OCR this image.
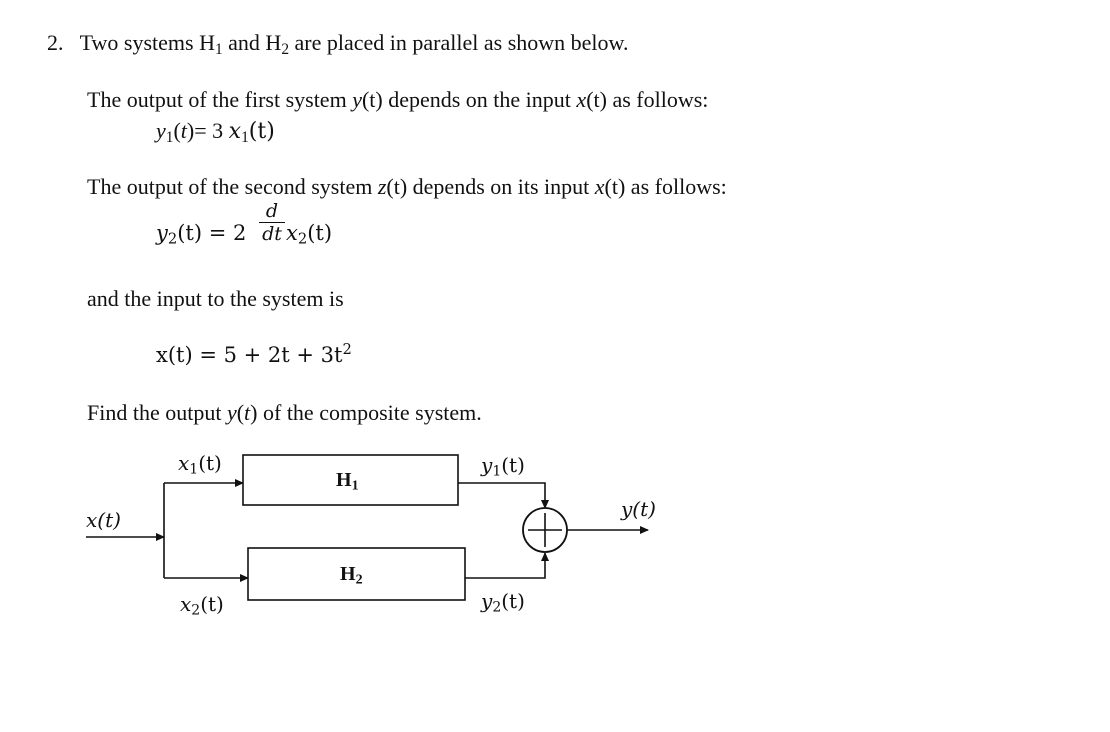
2. Two systems $H_1$ and $H_2$ are placed in parallel as shown below.
The output of the first system y(t) depends on the input x(t) as follows:
$y_1(t)= 3$ $x_1(t)$
The output of the second system z(t) depends on its input x(t) as follows:
$y_2(t) = 2$
d
dt $x_2(t)$
and the input to the system is
$x(t) = 5 + 2t + 3t^2$
Find the output y(t) of the composite system.
x(t)
$x_1(t)$
$x_2(t)$
$y_1(t)$
$y_2(t)$
y(t)
$H_1$
$H_2$
